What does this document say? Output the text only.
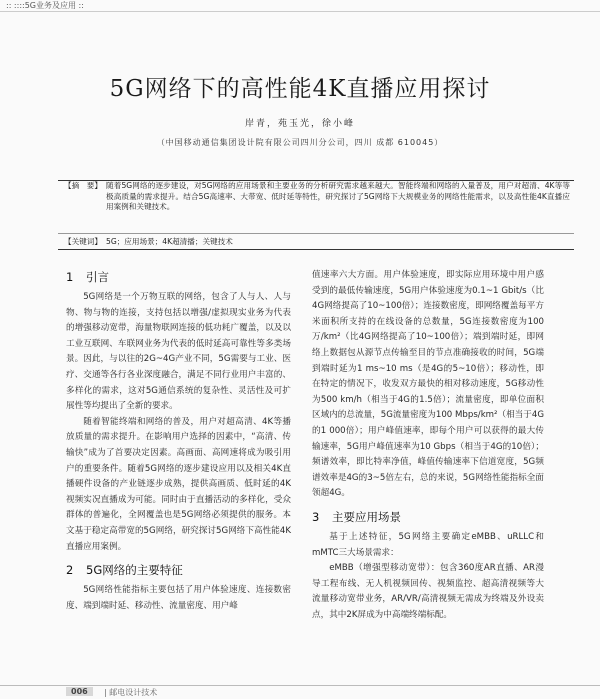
:: ::::5G业务及应用 ::
5G网络下的高性能4K直播应用探讨
岸青，苑玉光，徐小峰
（中国移动通信集团设计院有限公司四川分公司，四川 成都 610045）
【摘　要】 随着5G网络的逐步建设，对5G网络的应用场景和主要业务的分析研究需求越来越大。智能终端和网络的入量普及，用户对超清、4K等等极高质量的需求提升。结合5G高速率、大带宽、低时延等特性，研究探讨了5G网络下大规模业务的网络性能需求，以及高性能4K直播应用案例和关键技术。
【关键词】 5G；应用场景；4K超清播；关键技术
1 引言

5G网络是一个万物互联的网络，包含了人与人、人与物、物与物的连接，支持包括以增强/虚拟现实业务为代表的增强移动宽带，海量物联网连接的低功耗广覆盖，以及以工业互联网、车联网业务为代表的低时延高可靠性等多类场景。因此，与以往的2G~4G产业不同，5G需要与工业、医疗、交通等各行各业深度融合，满足不同行业用户丰富的、多样化的需求，这对5G通信系统的复杂性、灵活性及可扩展性等均提出了全新的要求。

随着智能终端和网络的普及，用户对超高清、4K等播放质量的需求提升。在影响用户选择的因素中，“高清、传输快”成为了首要决定因素。高画面、高网速将成为吸引用户的重要条件。随着5G网络的逐步建设应用以及相关4K直播硬件设备的产业链逐步成熟，提供高画质、低时延的4K视频实况直播成为可能。同时由于直播活动的多样化，受众群体的普遍化，全网覆盖也是5G网络必须提供的服务。本文基于稳定高带宽的5G网络，研究探讨5G网络下高性能4K直播应用案例。

2 5G网络的主要特征

5G网络性能指标主要包括了用户体验速度、连接数密度、端到端时延、移动性、流量密度、用户峰

值速率六大方面。用户体验速度，即实际应用环境中用户感受到的最低传输速度，5G用户体验速度为0.1~1 Gbit/s（比4G网络提高了10~100倍）；连接数密度，即网络覆盖每平方米面积所支持的在线设备的总数量，5G连接数密度为100万/km²（比4G网络提高了10~100倍）；端到端时延，即网络上数据包从源节点传输至目的节点准确接收的时间，5G端到端时延为1 ms~10 ms（是4G的5~10倍）；移动性，即在特定的情况下，收发双方最快的相对移动速度，5G移动性为500 km/h（相当于4G的1.5倍）；流量密度，即单位面积区域内的总流量，5G流量密度为100 Mbps/km²（相当于4G的1 000倍）；用户峰值速率，即每个用户可以获得的最大传输速率，5G用户峰值速率为10 Gbps（相当于4G的10倍）；频谱效率，即比特率净值，峰值传输速率下信道宽度，5G频谱效率是4G的3~5倍左右，总的来说，5G网络性能指标全面领超4G。

3 主要应用场景

基于上述特征，5G网络主要确定eMBB、uRLLC和mMTC三大场景需求：

eMBB（增强型移动宽带）：包含360度AR直播、AR漫导工程布线、无人机视频回传、视频监控、超高清视频等大流量移动宽带业务，AR/VR/高清视频无需成为终端及外设卖点，其中2K屏成为中高端终端标配。

006	| 邮电设计技术
